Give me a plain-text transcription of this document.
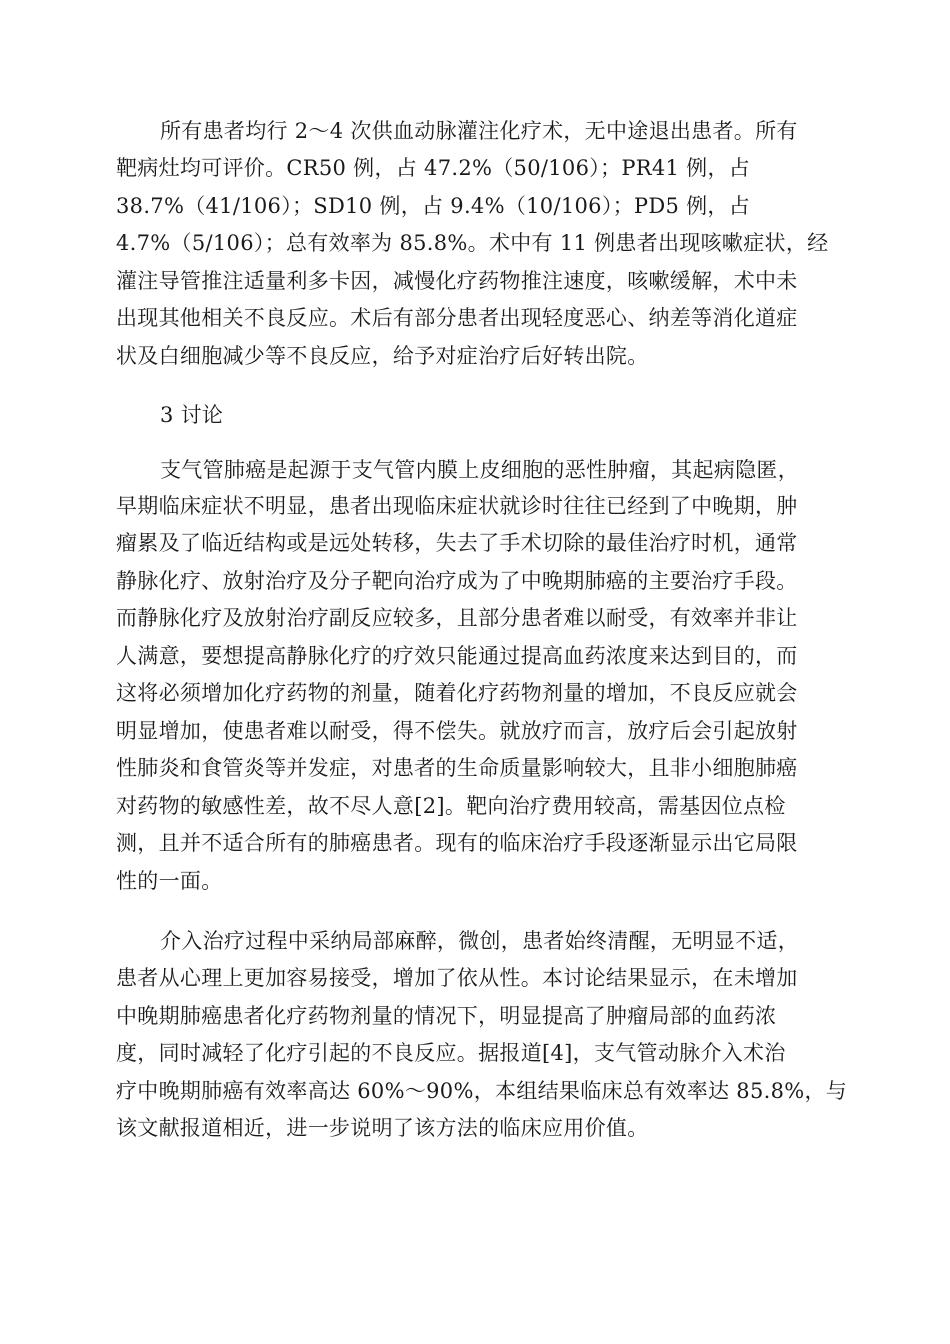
所有患者均行 2～4 次供血动脉灌注化疗术，无中途退出患者。所有
靶病灶均可评价。CR50 例，占 47.2%（50/106）；PR41 例，占
38.7%（41/106）；SD10 例，占 9.4%（10/106）；PD5 例，占
4.7%（5/106）；总有效率为 85.8%。术中有 11 例患者出现咳嗽症状，经
灌注导管推注适量利多卡因，减慢化疗药物推注速度，咳嗽缓解，术中未
出现其他相关不良反应。术后有部分患者出现轻度恶心、纳差等消化道症
状及白细胞减少等不良反应，给予对症治疗后好转出院。
3 讨论
支气管肺癌是起源于支气管内膜上皮细胞的恶性肿瘤，其起病隐匿，
早期临床症状不明显，患者出现临床症状就诊时往往已经到了中晚期，肿
瘤累及了临近结构或是远处转移，失去了手术切除的最佳治疗时机，通常
静脉化疗、放射治疗及分子靶向治疗成为了中晚期肺癌的主要治疗手段。
而静脉化疗及放射治疗副反应较多，且部分患者难以耐受，有效率并非让
人满意，要想提高静脉化疗的疗效只能通过提高血药浓度来达到目的，而
这将必须增加化疗药物的剂量，随着化疗药物剂量的增加，不良反应就会
明显增加，使患者难以耐受，得不偿失。就放疗而言，放疗后会引起放射
性肺炎和食管炎等并发症，对患者的生命质量影响较大，且非小细胞肺癌
对药物的敏感性差，故不尽人意[2]。靶向治疗费用较高，需基因位点检
测，且并不适合所有的肺癌患者。现有的临床治疗手段逐渐显示出它局限
性的一面。
介入治疗过程中采纳局部麻醉，微创，患者始终清醒，无明显不适，
患者从心理上更加容易接受，增加了依从性。本讨论结果显示，在未增加
中晚期肺癌患者化疗药物剂量的情况下，明显提高了肿瘤局部的血药浓
度，同时减轻了化疗引起的不良反应。据报道[4]，支气管动脉介入术治
疗中晚期肺癌有效率高达 60%～90%，本组结果临床总有效率达 85.8%，与
该文献报道相近，进一步说明了该方法的临床应用价值。
